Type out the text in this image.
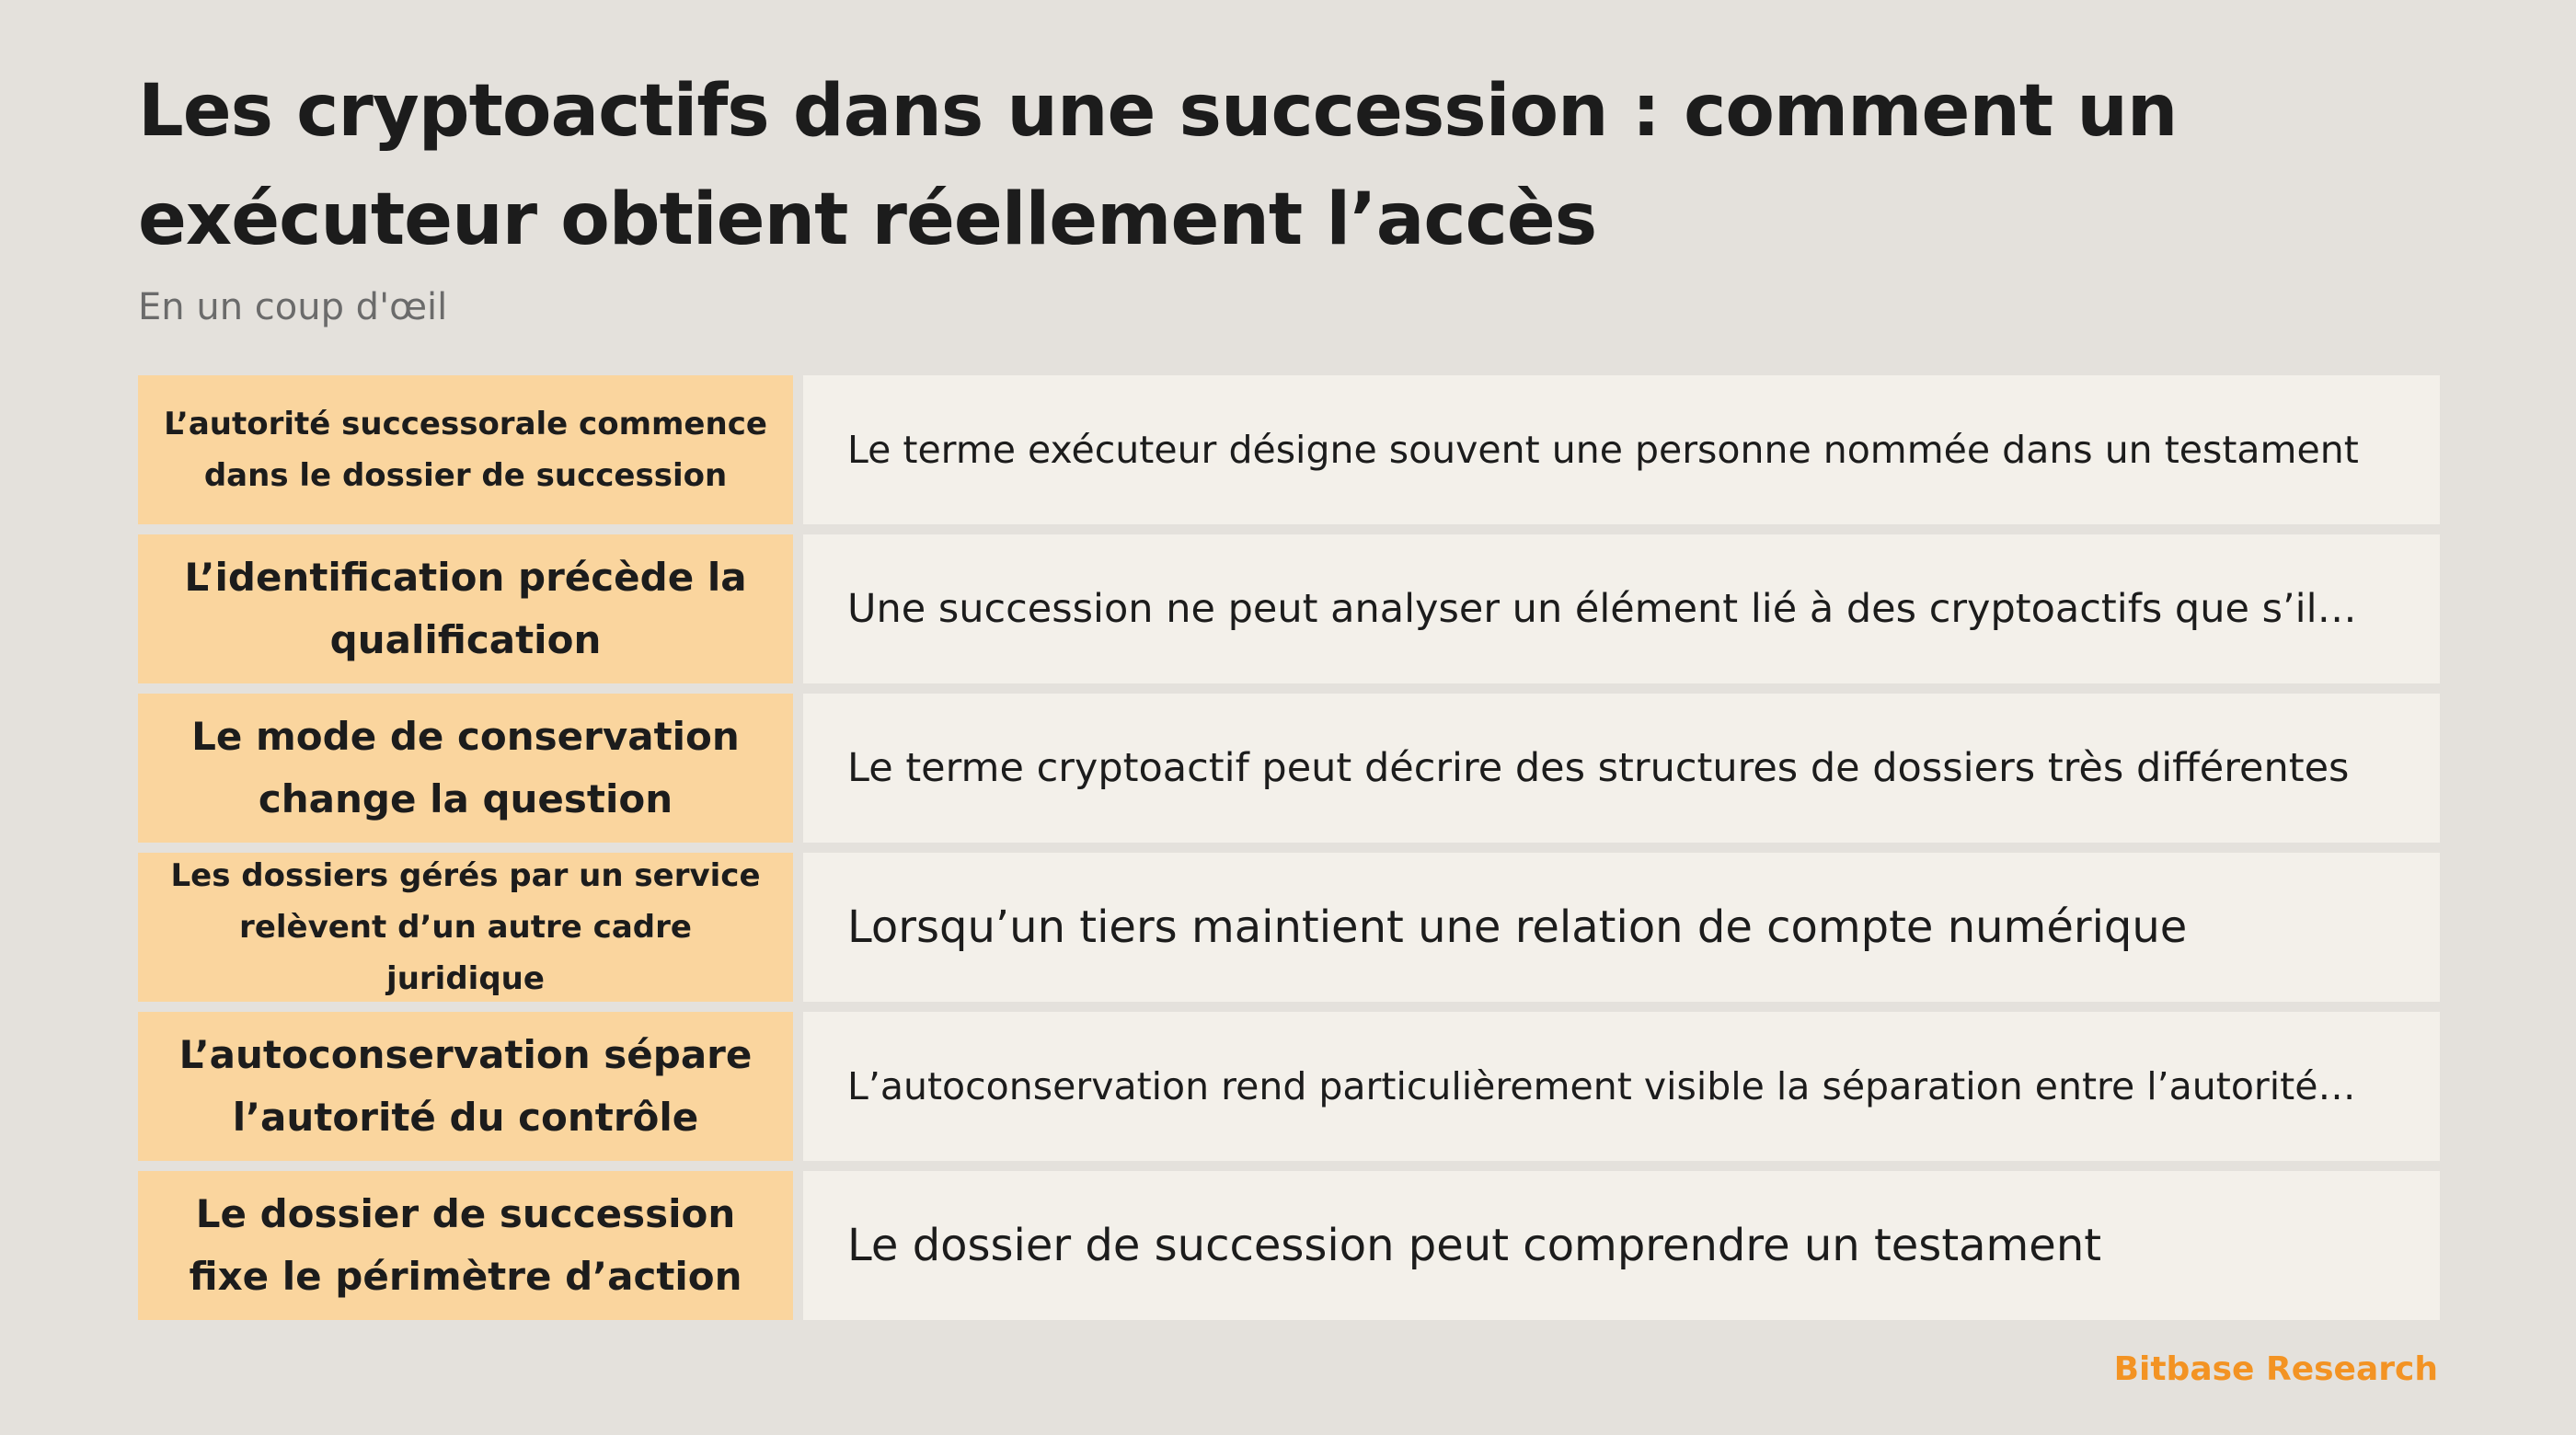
Les cryptoactifs dans une succession : comment un exécuteur obtient réellement l’accès

En un coup d'œil

L’autorité successorale commence dans le dossier de succession
Le terme exécuteur désigne souvent une personne nommée dans un testament
L’identification précède la qualification
Une succession ne peut analyser un élément lié à des cryptoactifs que s’il…
Le mode de conservation change la question
Le terme cryptoactif peut décrire des structures de dossiers très différentes
Les dossiers gérés par un service relèvent d’un autre cadre juridique
Lorsqu’un tiers maintient une relation de compte numérique
L’autoconservation sépare l’autorité du contrôle
L’autoconservation rend particulièrement visible la séparation entre l’autorité…
Le dossier de succession fixe le périmètre d’action
Le dossier de succession peut comprendre un testament
Bitbase Research
